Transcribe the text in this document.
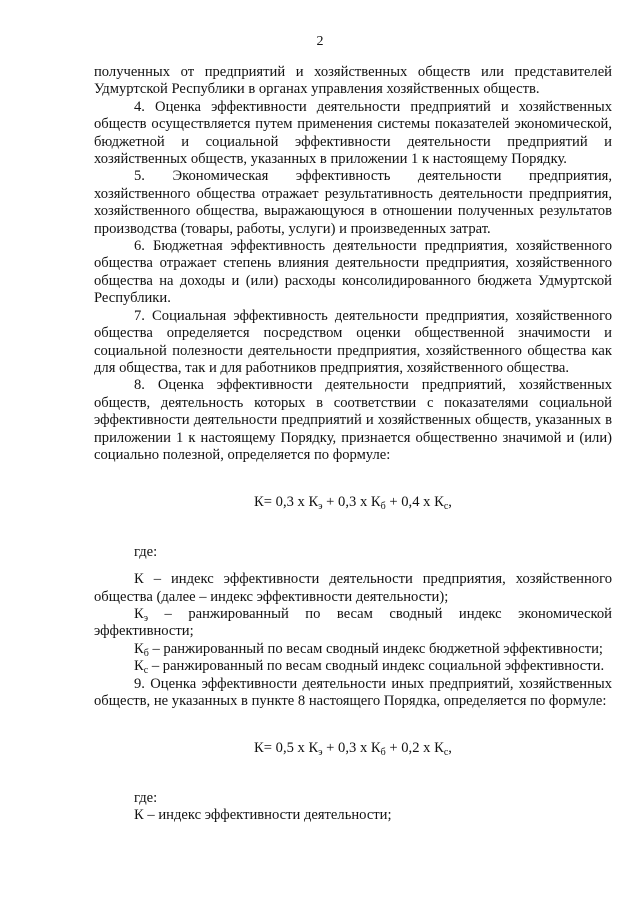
2

полученных от предприятий и хозяйственных обществ или представителей Удмуртской Республики в органах управления хозяйственных обществ.

4. Оценка эффективности деятельности предприятий и хозяйственных обществ осуществляется путем применения системы показателей экономической, бюджетной и социальной эффективности деятельности предприятий и хозяйственных обществ, указанных в приложении 1 к настоящему Порядку.

5. Экономическая эффективность деятельности предприятия, хозяйственного общества отражает результативность деятельности предприятия, хозяйственного общества, выражающуюся в отношении полученных результатов производства (товары, работы, услуги) и произведенных затрат.

6. Бюджетная эффективность деятельности предприятия, хозяйственного общества отражает степень влияния деятельности предприятия, хозяйственного общества на доходы и (или) расходы консолидированного бюджета Удмуртской Республики.

7. Социальная эффективность деятельности предприятия, хозяйственного общества определяется посредством оценки общественной значимости и социальной полезности деятельности предприятия, хозяйственного общества как для общества, так и для работников предприятия, хозяйственного общества.

8. Оценка эффективности деятельности предприятий, хозяйственных обществ, деятельность которых в соответствии с показателями социальной эффективности деятельности предприятий и хозяйственных обществ, указанных в приложении 1 к настоящему Порядку, признается общественно значимой и (или) социально полезной, определяется по формуле:

К= 0,3 х $К_э + 0,3$ х $К_б + 0,4$ х $К_с$,

где:

К – индекс эффективности деятельности предприятия, хозяйственного общества (далее – индекс эффективности деятельности);

$К_э$ – ранжированный по весам сводный индекс экономической эффективности;

$К_б$ – ранжированный по весам сводный индекс бюджетной эффективности;

$К_с$ – ранжированный по весам сводный индекс социальной эффективности.

9. Оценка эффективности деятельности иных предприятий, хозяйственных обществ, не указанных в пункте 8 настоящего Порядка, определяется по формуле:

К= 0,5 х $К_э + 0,3$ х $К_б + 0,2$ х $К_с$,

где:

К – индекс эффективности деятельности;
